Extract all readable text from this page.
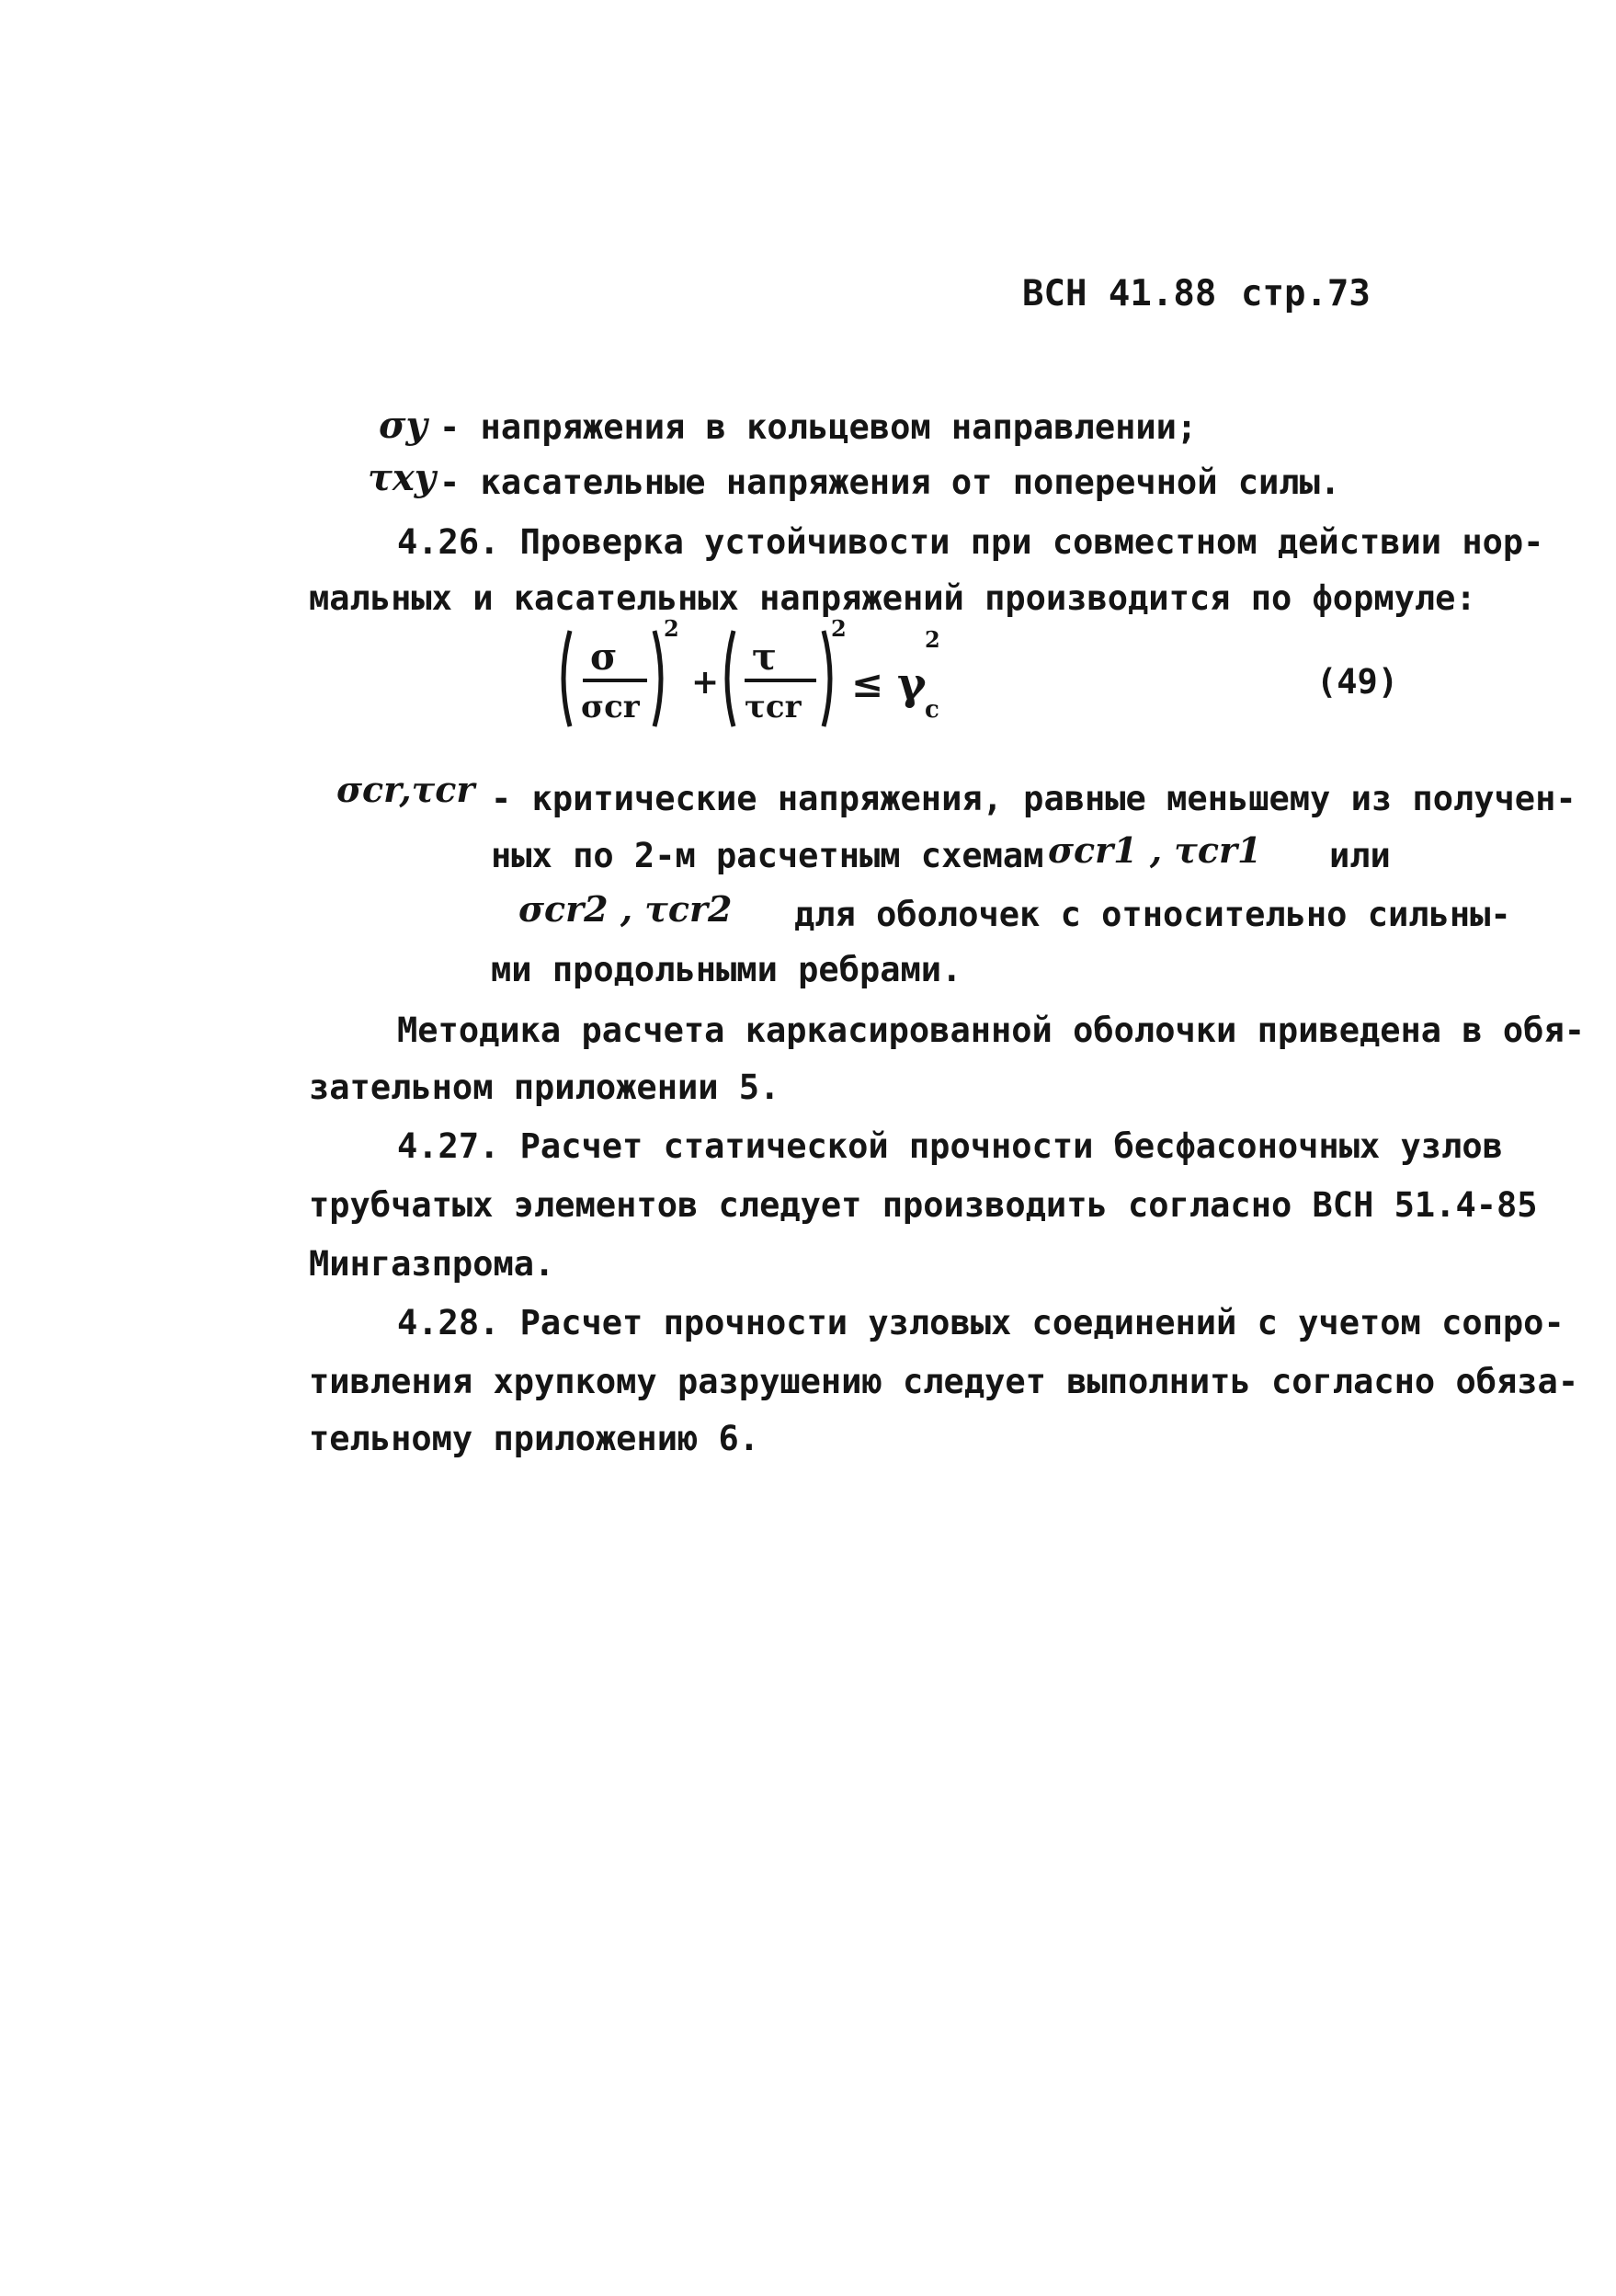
ВСН 41.88 стр.73
σy - напряжения в кольцевом направлении;
τxy - касательные напряжения от поперечной силы.
4.26. Проверка устойчивости при совместном действии нор-
мальных и касательных напряжений производится по формуле:
σ
σcr
2
+
τ
τcr
2
≤ γ
2
c
(49)
σcr,τcr - критические напряжения, равные меньшему из получен-
ных по 2-м расчетным схемам σcr1 , τcr1 или
σcr2 , τcr2 для оболочек с относительно сильны-
ми продольными ребрами.
Методика расчета каркасированной оболочки приведена в обя-
зательном приложении 5.
4.27. Расчет статической прочности бесфасоночных узлов
трубчатых элементов следует производить согласно ВСН 51.4-85
Мингазпрома.
4.28. Расчет прочности узловых соединений с учетом сопро-
тивления хрупкому разрушению следует выполнить согласно обяза-
тельному приложению 6.
